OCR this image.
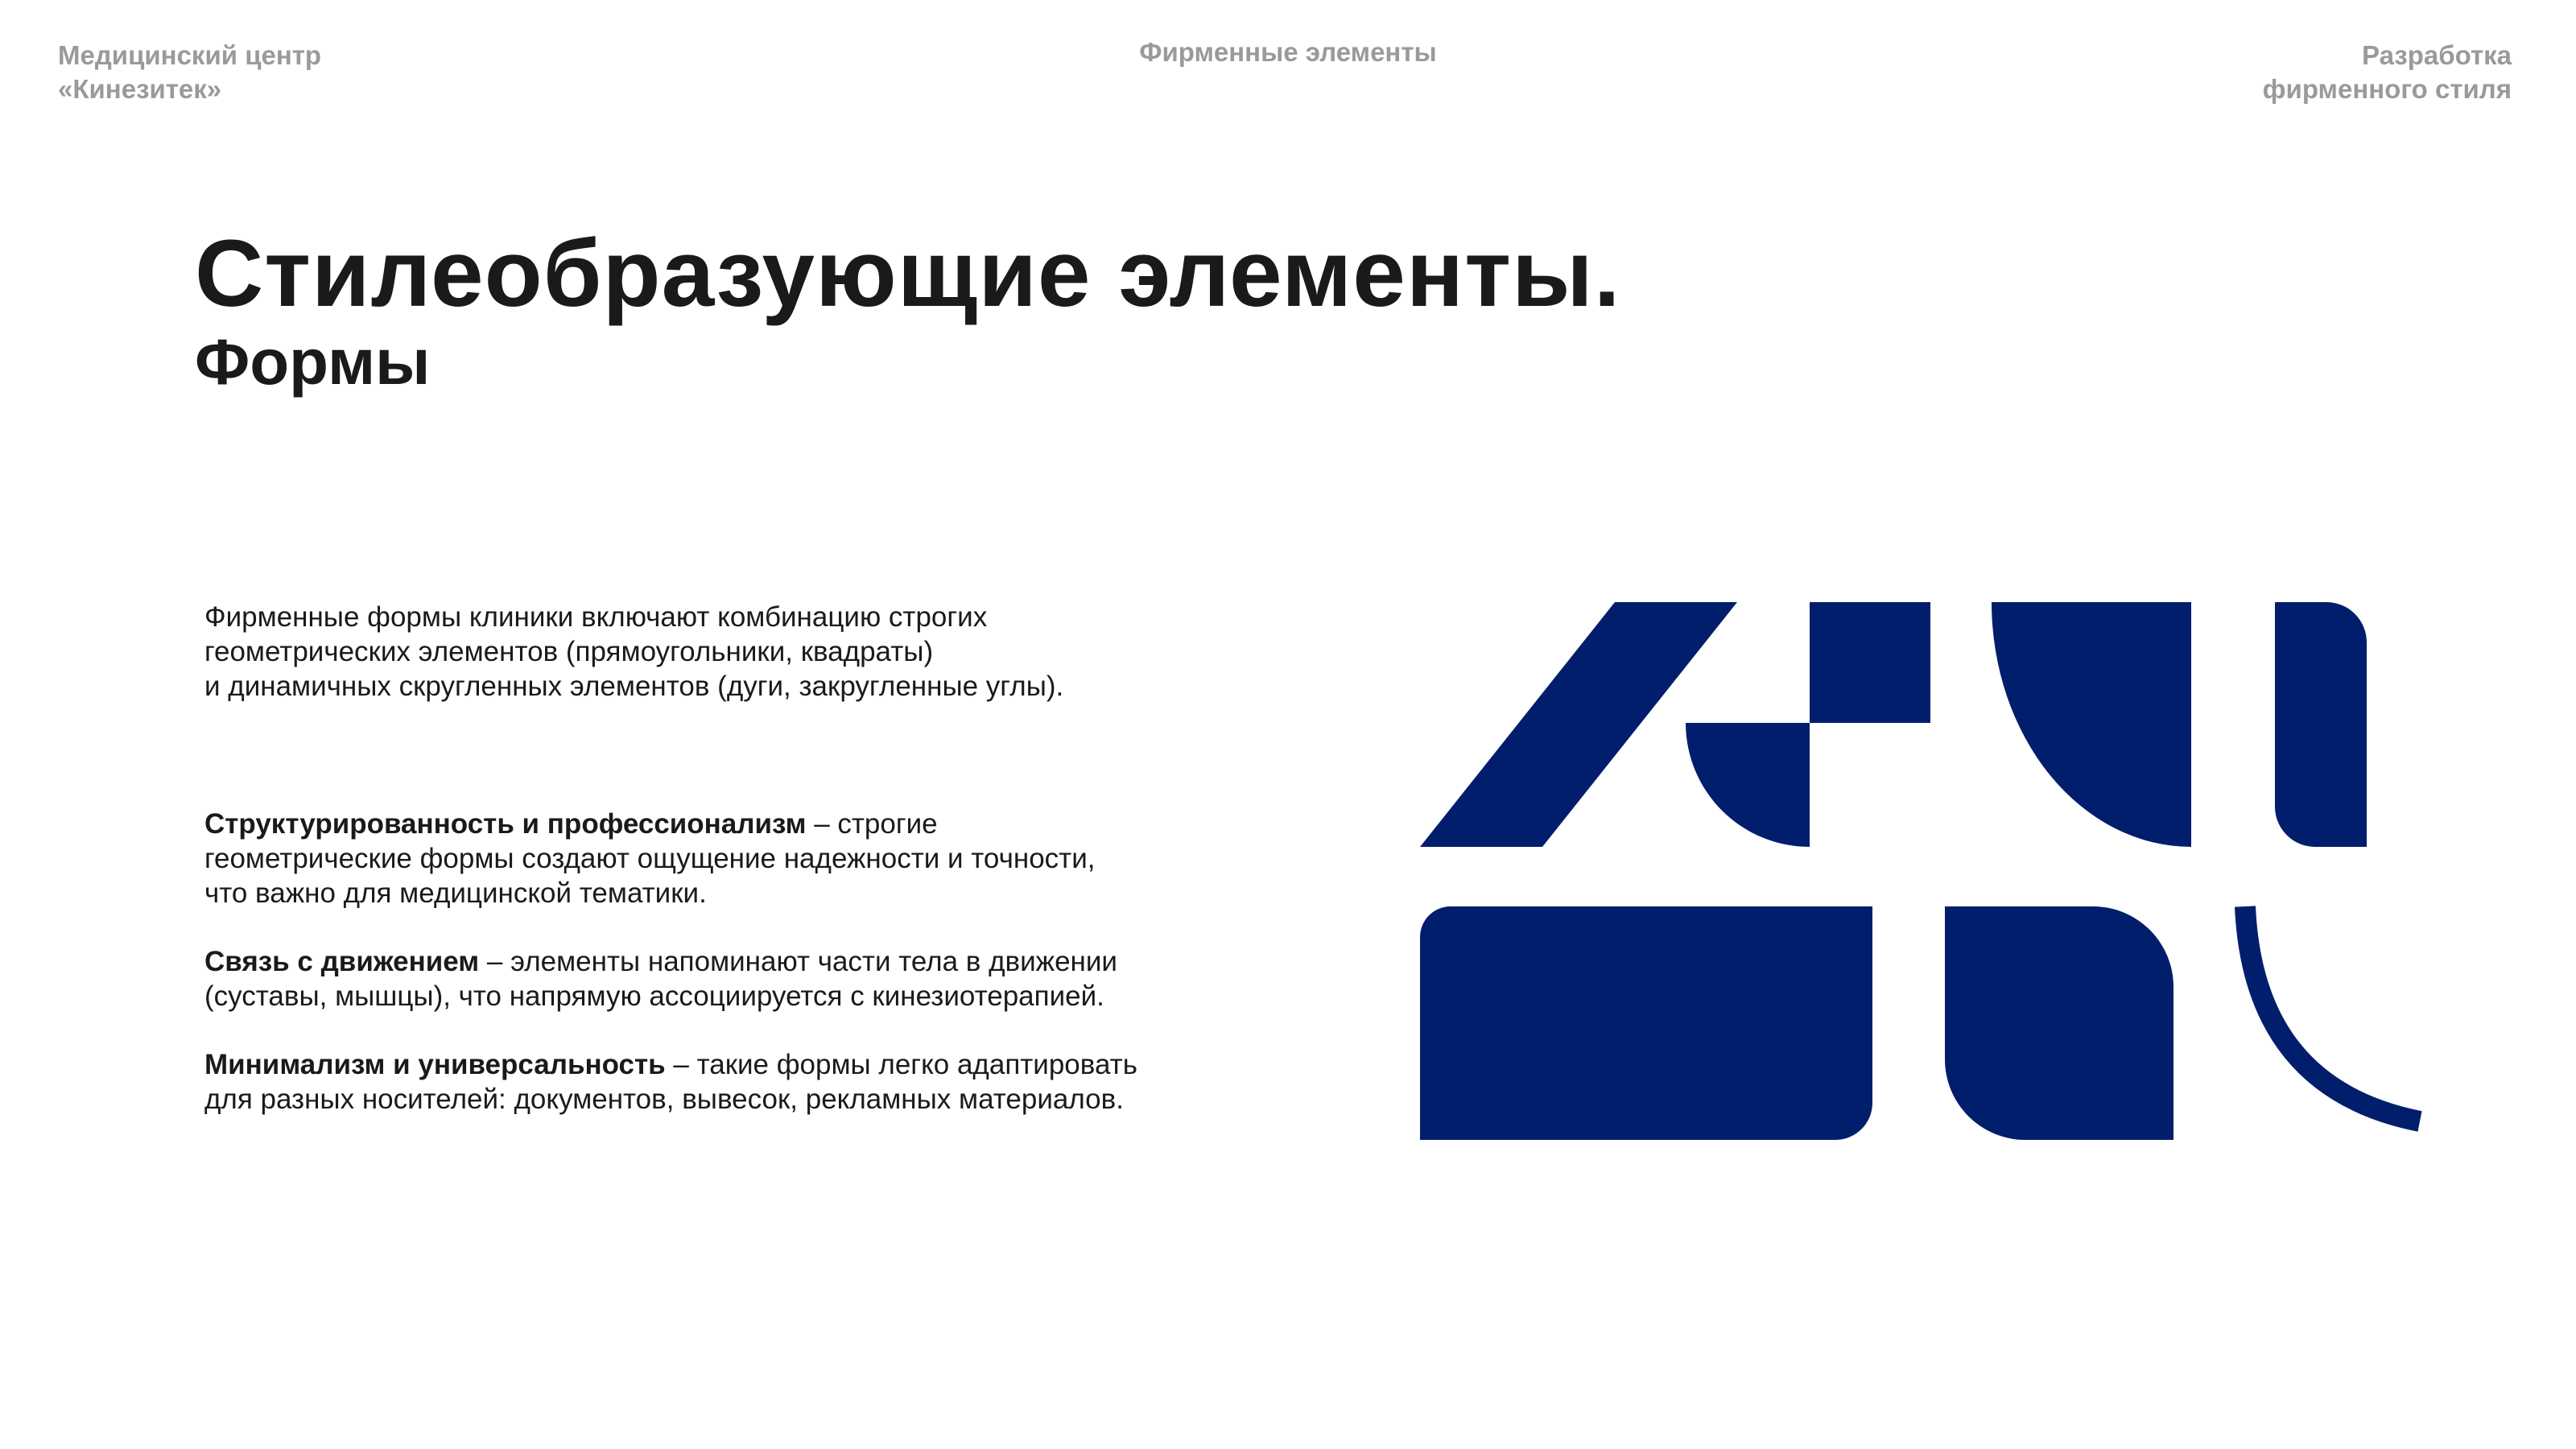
Медицинский центр
«Кинезитек»
Фирменные элементы	Разработка
фирменного стиля
Стилеобразующие элементы.
Формы
Фирменные формы клиники включают комбинацию строгих
геометрических элементов (прямоугольники, квадраты)
и динамичных скругленных элементов (дуги, закругленные углы).
Структурированность и профессионализм – строгие
геометрические формы создают ощущение надежности и точности,
что важно для медицинской тематики.
Связь с движением – элементы напоминают части тела в движении
(суставы, мышцы), что напрямую ассоциируется с кинезиотерапией.
Минимализм и универсальность – такие формы легко адаптировать
для разных носителей: документов, вывесок, рекламных материалов.
